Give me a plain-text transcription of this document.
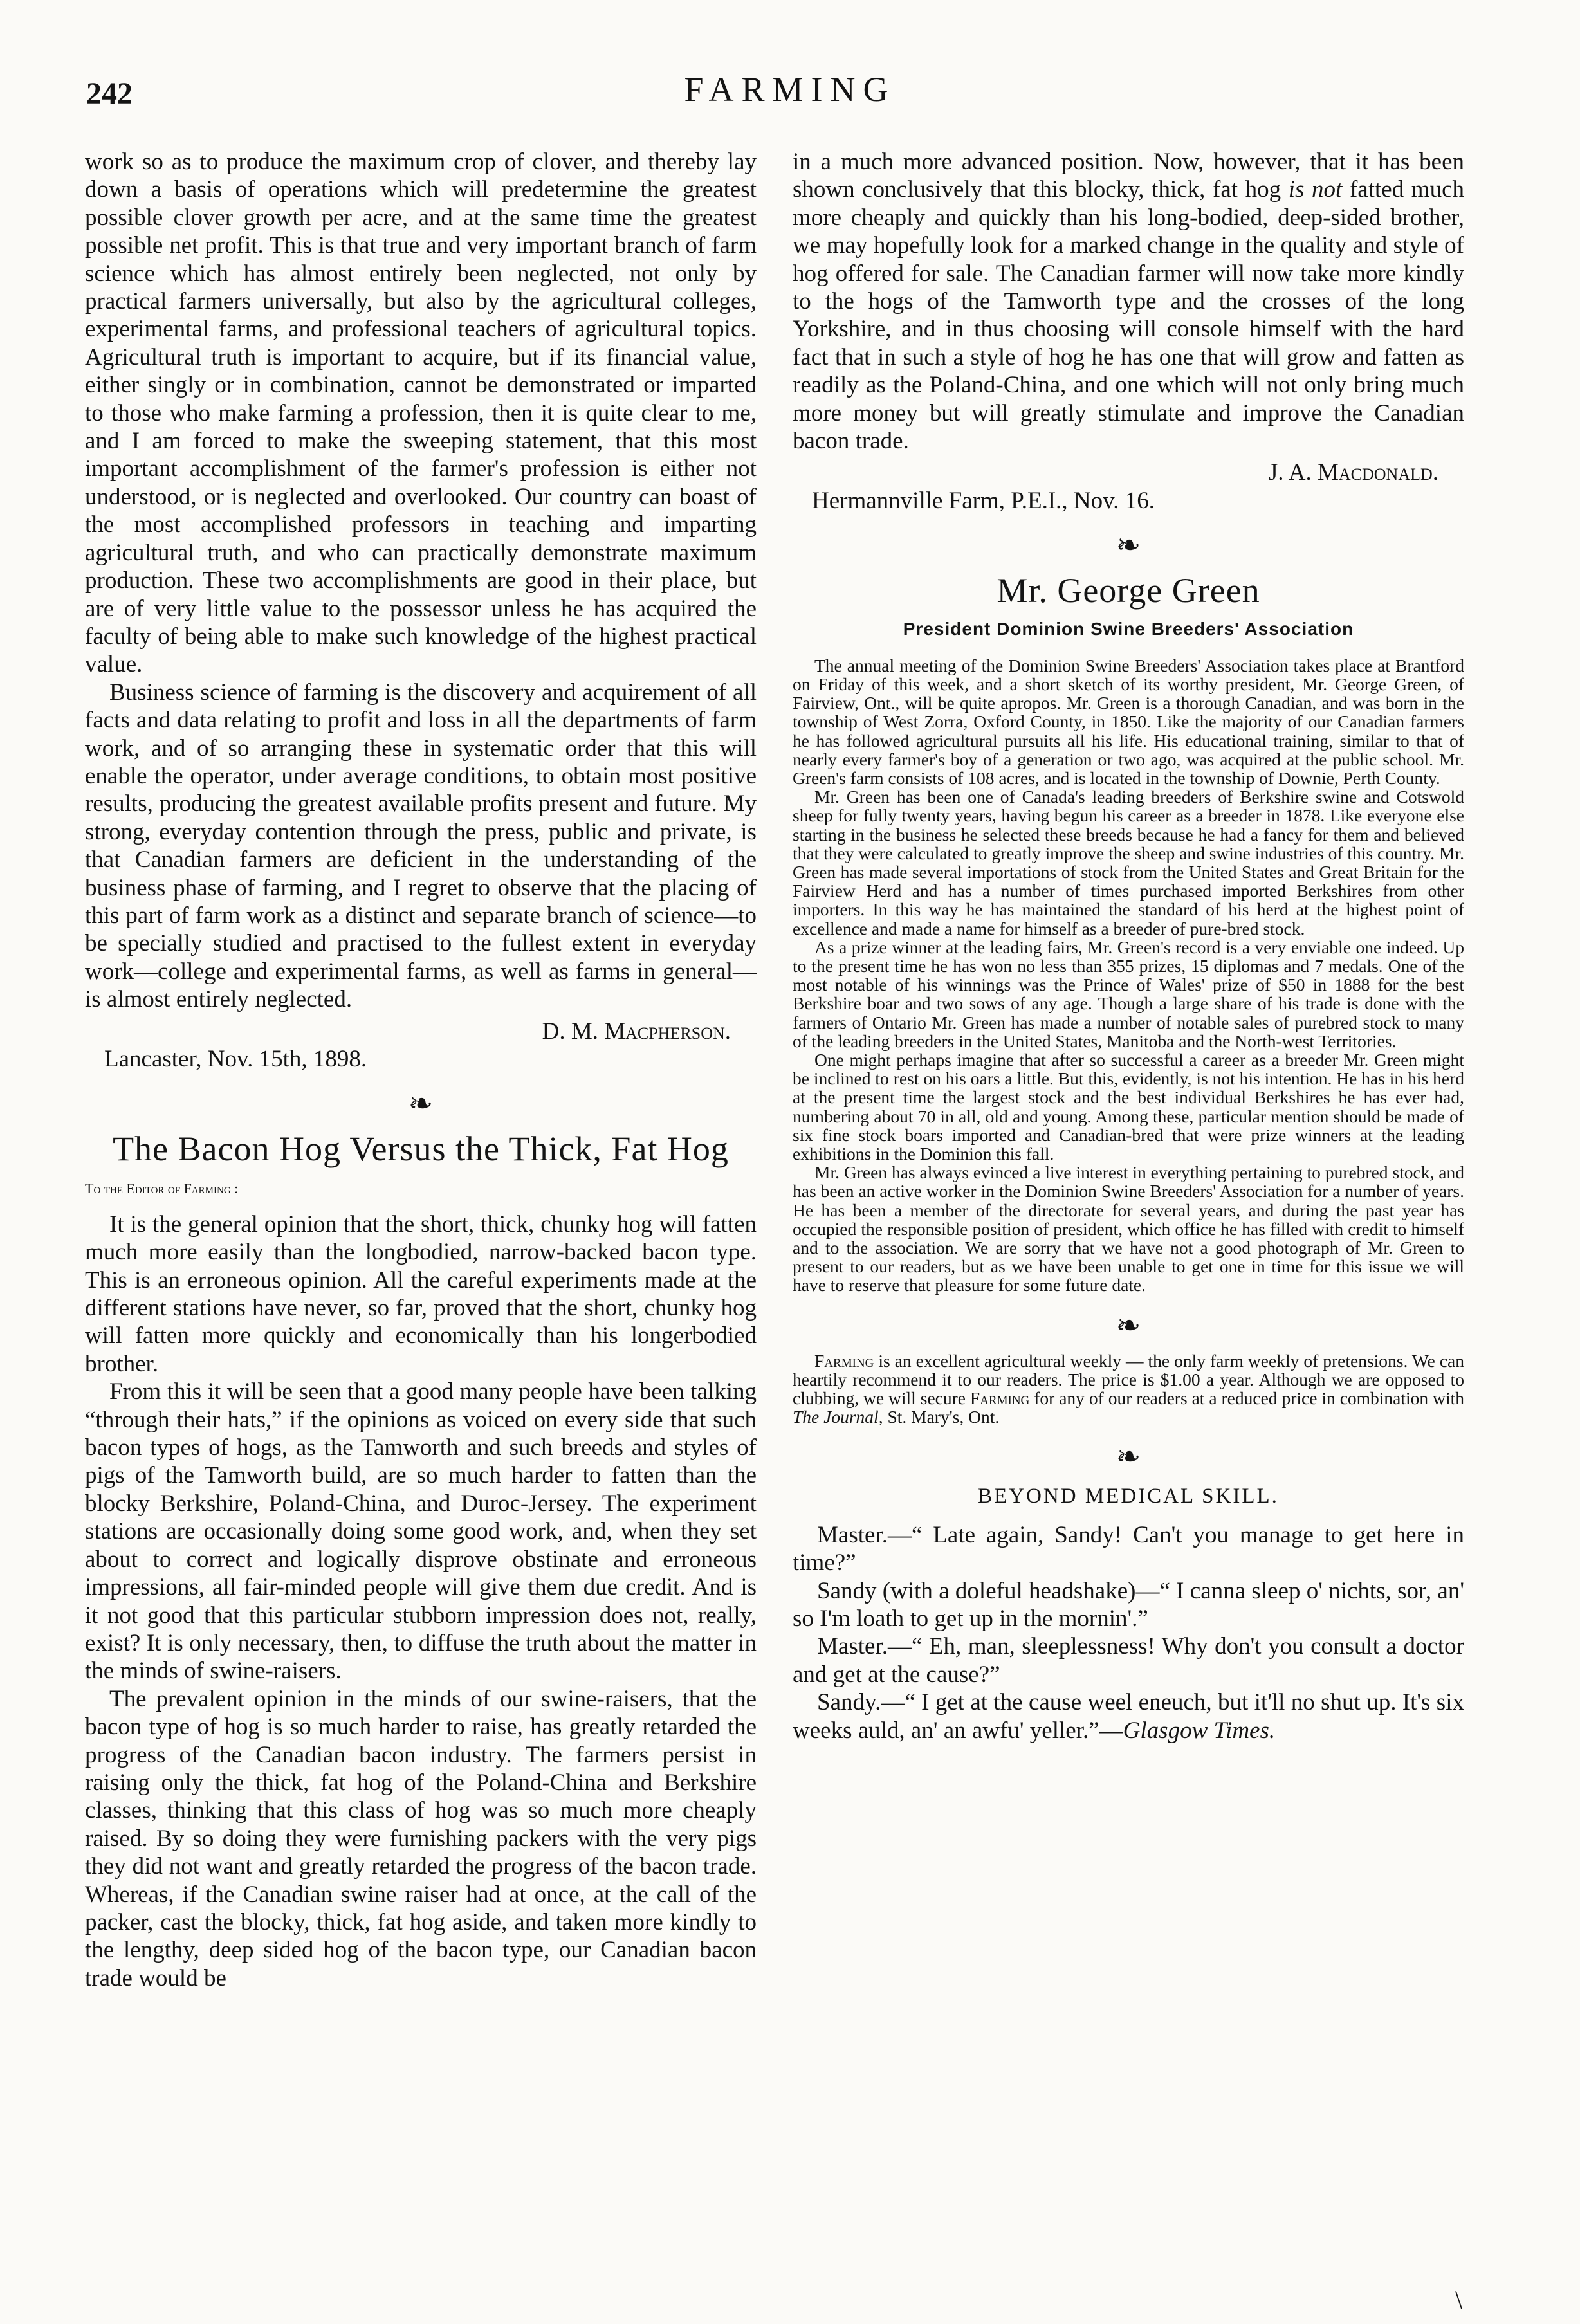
242	FARMING

work so as to produce the maximum crop of clover, and thereby lay down a basis of operations which will predetermine the greatest possible clover growth per acre, and at the same time the greatest possible net profit. This is that true and very important branch of farm science which has almost entirely been neglected, not only by practical farmers universally, but also by the agricultural colleges, experimental farms, and professional teachers of agricultural topics. Agricultural truth is important to acquire, but if its financial value, either singly or in combination, cannot be demonstrated or imparted to those who make farming a profession, then it is quite clear to me, and I am forced to make the sweeping statement, that this most important accomplishment of the farmer's profession is either not understood, or is neglected and overlooked. Our country can boast of the most accomplished professors in teaching and imparting agricultural truth, and who can practically demonstrate maximum production. These two accomplishments are good in their place, but are of very little value to the possessor unless he has acquired the faculty of being able to make such knowledge of the highest practical value.

Business science of farming is the discovery and acquirement of all facts and data relating to profit and loss in all the departments of farm work, and of so arranging these in systematic order that this will enable the operator, under average conditions, to obtain most positive results, producing the greatest available profits present and future. My strong, everyday contention through the press, public and private, is that Canadian farmers are deficient in the understanding of the business phase of farming, and I regret to observe that the placing of this part of farm work as a distinct and separate branch of science—to be specially studied and practised to the fullest extent in everyday work—college and experimental farms, as well as farms in general—is almost entirely neglected.

D. M. Macpherson.
Lancaster, Nov. 15th, 1898.
❧
The Bacon Hog Versus the Thick, Fat Hog
To the Editor of Farming :

It is the general opinion that the short, thick, chunky hog will fatten much more easily than the longbodied, narrow-backed bacon type. This is an erroneous opinion. All the careful experiments made at the different stations have never, so far, proved that the short, chunky hog will fatten more quickly and economically than his longerbodied brother.

From this it will be seen that a good many people have been talking “through their hats,” if the opinions as voiced on every side that such bacon types of hogs, as the Tamworth and such breeds and styles of pigs of the Tamworth build, are so much harder to fatten than the blocky Berkshire, Poland-China, and Duroc-Jersey. The experiment stations are occasionally doing some good work, and, when they set about to correct and logically disprove obstinate and erroneous impressions, all fair-minded people will give them due credit. And is it not good that this particular stubborn impression does not, really, exist? It is only necessary, then, to diffuse the truth about the matter in the minds of swine-raisers.

The prevalent opinion in the minds of our swine-raisers, that the bacon type of hog is so much harder to raise, has greatly retarded the progress of the Canadian bacon industry. The farmers persist in raising only the thick, fat hog of the Poland-China and Berkshire classes, thinking that this class of hog was so much more cheaply raised. By so doing they were furnishing packers with the very pigs they did not want and greatly retarded the progress of the bacon trade. Whereas, if the Canadian swine raiser had at once, at the call of the packer, cast the blocky, thick, fat hog aside, and taken more kindly to the lengthy, deep sided hog of the bacon type, our Canadian bacon trade would be

in a much more advanced position. Now, however, that it has been shown conclusively that this blocky, thick, fat hog is not fatted much more cheaply and quickly than his long-bodied, deep-sided brother, we may hopefully look for a marked change in the quality and style of hog offered for sale. The Canadian farmer will now take more kindly to the hogs of the Tamworth type and the crosses of the long Yorkshire, and in thus choosing will console himself with the hard fact that in such a style of hog he has one that will grow and fatten as readily as the Poland-China, and one which will not only bring much more money but will greatly stimulate and improve the Canadian bacon trade.

J. A. Macdonald.
Hermannville Farm, P.E.I., Nov. 16.
❧
Mr. George Green
President Dominion Swine Breeders' Association

The annual meeting of the Dominion Swine Breeders' Association takes place at Brantford on Friday of this week, and a short sketch of its worthy president, Mr. George Green, of Fairview, Ont., will be quite apropos. Mr. Green is a thorough Canadian, and was born in the township of West Zorra, Oxford County, in 1850. Like the majority of our Canadian farmers he has followed agricultural pursuits all his life. His educational training, similar to that of nearly every farmer's boy of a generation or two ago, was acquired at the public school. Mr. Green's farm consists of 108 acres, and is located in the township of Downie, Perth County.

Mr. Green has been one of Canada's leading breeders of Berkshire swine and Cotswold sheep for fully twenty years, having begun his career as a breeder in 1878. Like everyone else starting in the business he selected these breeds because he had a fancy for them and believed that they were calculated to greatly improve the sheep and swine industries of this country. Mr. Green has made several importations of stock from the United States and Great Britain for the Fairview Herd and has a number of times purchased imported Berkshires from other importers. In this way he has maintained the standard of his herd at the highest point of excellence and made a name for himself as a breeder of pure-bred stock.

As a prize winner at the leading fairs, Mr. Green's record is a very enviable one indeed. Up to the present time he has won no less than 355 prizes, 15 diplomas and 7 medals. One of the most notable of his winnings was the Prince of Wales' prize of $50 in 1888 for the best Berkshire boar and two sows of any age. Though a large share of his trade is done with the farmers of Ontario Mr. Green has made a number of notable sales of purebred stock to many of the leading breeders in the United States, Manitoba and the North-west Territories.

One might perhaps imagine that after so successful a career as a breeder Mr. Green might be inclined to rest on his oars a little. But this, evidently, is not his intention. He has in his herd at the present time the largest stock and the best individual Berkshires he has ever had, numbering about 70 in all, old and young. Among these, particular mention should be made of six fine stock boars imported and Canadian-bred that were prize winners at the leading exhibitions in the Dominion this fall.

Mr. Green has always evinced a live interest in everything pertaining to purebred stock, and has been an active worker in the Dominion Swine Breeders' Association for a number of years. He has been a member of the directorate for several years, and during the past year has occupied the responsible position of president, which office he has filled with credit to himself and to the association. We are sorry that we have not a good photograph of Mr. Green to present to our readers, but as we have been unable to get one in time for this issue we will have to reserve that pleasure for some future date.

❧

Farming is an excellent agricultural weekly — the only farm weekly of pretensions. We can heartily recommend it to our readers. The price is $1.00 a year. Although we are opposed to clubbing, we will secure Farming for any of our readers at a reduced price in combination with The Journal, St. Mary's, Ont.

❧
BEYOND MEDICAL SKILL.

Master.—“ Late again, Sandy! Can't you manage to get here in time?”

Sandy (with a doleful headshake)—“ I canna sleep o' nichts, sor, an' so I'm loath to get up in the mornin'.”

Master.—“ Eh, man, sleeplessness! Why don't you consult a doctor and get at the cause?”

Sandy.—“ I get at the cause weel eneuch, but it'll no shut up. It's six weeks auld, an' an awfu' yeller.”—Glasgow Times.

\
